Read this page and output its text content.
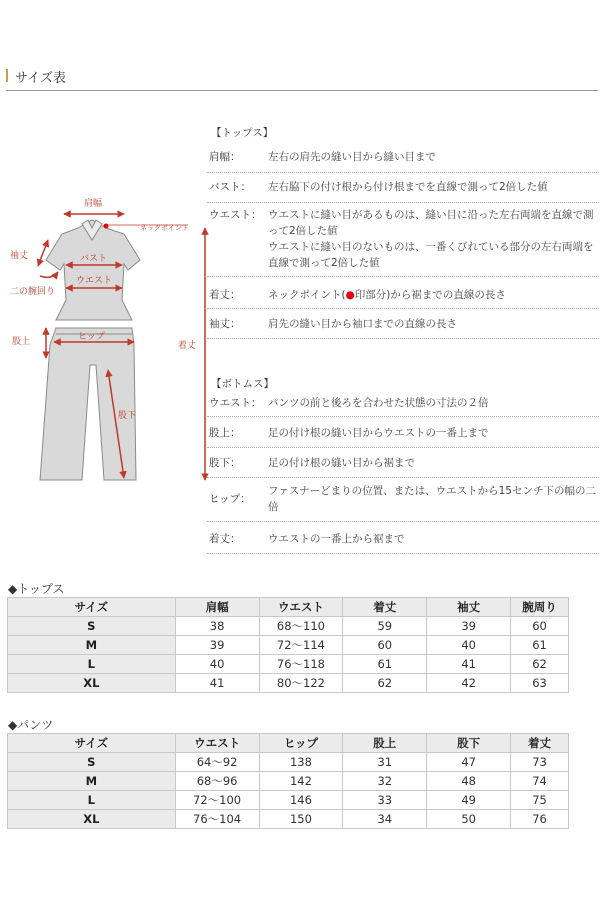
サイズ表
肩幅
ネックポイント
袖丈	バスト
ウエスト
二の腕回り
着丈
股上	ヒップ
股下
【トップス】
肩幅：	左右の肩先の縫い目から縫い目まで
バスト： 左右脇下の付け根から付け根までを直線で測って2倍した値
ウエスト： ウエストに縫い目があるものは、縫い目に沿った左右両端を直線で測って2倍した値
ウエストに縫い目のないものは、一番くびれている部分の左右両端を直線で測って2倍した値
着丈：	ネックポイント(●印部分)から裾までの直線の長さ
袖丈：	肩先の縫い目から袖口までの直線の長さ
【ボトムス】
ウエスト： パンツの前と後ろを合わせた状態の寸法の２倍
股上：	足の付け根の縫い目からウエストの一番上まで
股下：	足の付け根の縫い目から裾まで
ヒップ：
ファスナーどまりの位置、または、ウエストから15センチ下の幅の二倍
着丈：	ウエストの一番上から裾まで
◆トップス
サイズ	肩幅	ウエスト	着丈	袖丈	腕周り
S	38	68〜110	59	39	60
M	39	72〜114	60	40	61
L	40	76〜118	61	41	62
XL	41	80〜122	62	42	63
◆パンツ
サイズ	ウエスト	ヒップ	股上	股下	着丈
S	64〜92	138	31	47	73
M	68〜96	142	32	48	74
L	72〜100	146	33	49	75
XL	76〜104	150	34	50	76
